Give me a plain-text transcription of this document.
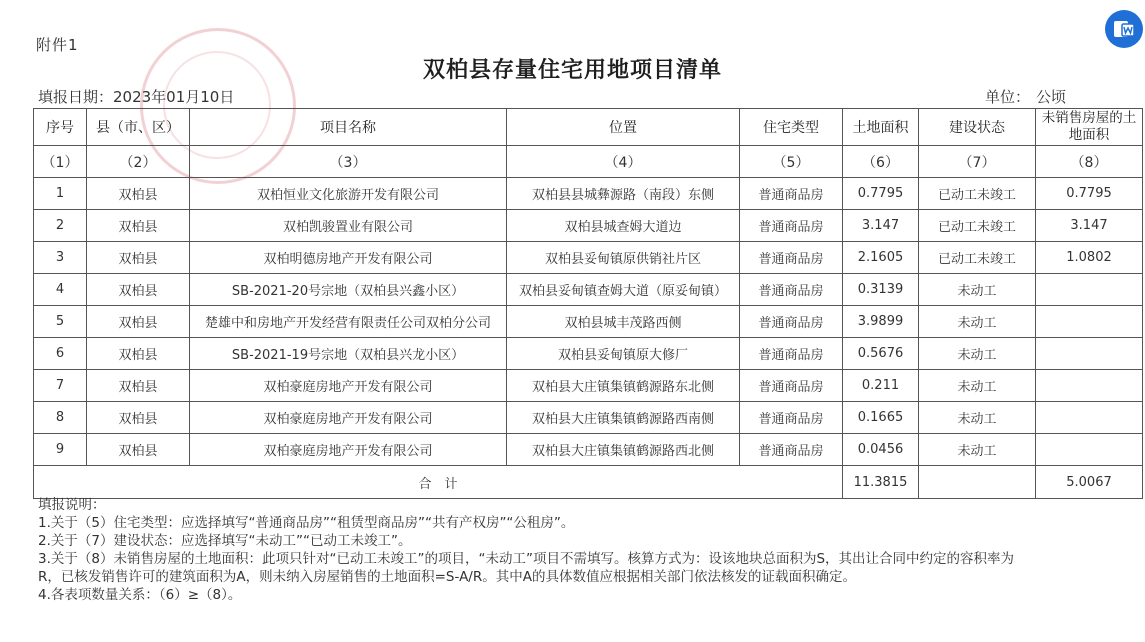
附件1
双柏县存量住宅用地项目清单
填报日期：2023年01月10日	单位： 公顷
序号	县（市、区）	项目名称	位置	住宅类型	土地面积	建设状态	未销售房屋的土地面积
（1）	（2）	（3）	（4）	（5）	（6）	（7）	（8）
1	双柏县	双柏恒业文化旅游开发有限公司	双柏县县城彝源路（南段）东侧	普通商品房	0.7795	已动工未竣工	0.7795
2	双柏县	双柏凯骏置业有限公司	双柏县城查姆大道边	普通商品房	3.147	已动工未竣工	3.147
3	双柏县	双柏明德房地产开发有限公司	双柏县妥甸镇原供销社片区	普通商品房	2.1605	已动工未竣工	1.0802
4	双柏县	SB-2021-20号宗地（双柏县兴鑫小区）	双柏县妥甸镇查姆大道（原妥甸镇）	普通商品房	0.3139	未动工	
5	双柏县	楚雄中和房地产开发经营有限责任公司双柏分公司	双柏县城丰茂路西侧	普通商品房	3.9899	未动工	
6	双柏县	SB-2021-19号宗地（双柏县兴龙小区）	双柏县妥甸镇原大修厂	普通商品房	0.5676	未动工	
7	双柏县	双柏豪庭房地产开发有限公司	双柏县大庄镇集镇鹤源路东北侧	普通商品房	0.211	未动工	
8	双柏县	双柏豪庭房地产开发有限公司	双柏县大庄镇集镇鹤源路西南侧	普通商品房	0.1665	未动工	
9	双柏县	双柏豪庭房地产开发有限公司	双柏县大庄镇集镇鹤源路西北侧	普通商品房	0.0456	未动工	
合　计					11.3815		5.0067
填报说明：
1.关于（5）住宅类型：应选择填写“普通商品房”“租赁型商品房”“共有产权房”“公租房”。
2.关于（7）建设状态：应选择填写“未动工”“已动工未竣工”。
3.关于（8）未销售房屋的土地面积：此项只针对“已动工未竣工”的项目，“未动工”项目不需填写。核算方式为：设该地块总面积为S，其出让合同中约定的容积率为
R，已核发销售许可的建筑面积为A，则未纳入房屋销售的土地面积=S-A/R。其中A的具体数值应根据相关部门依法核发的证载面积确定。
4.各表项数量关系：（6）≥（8）。
